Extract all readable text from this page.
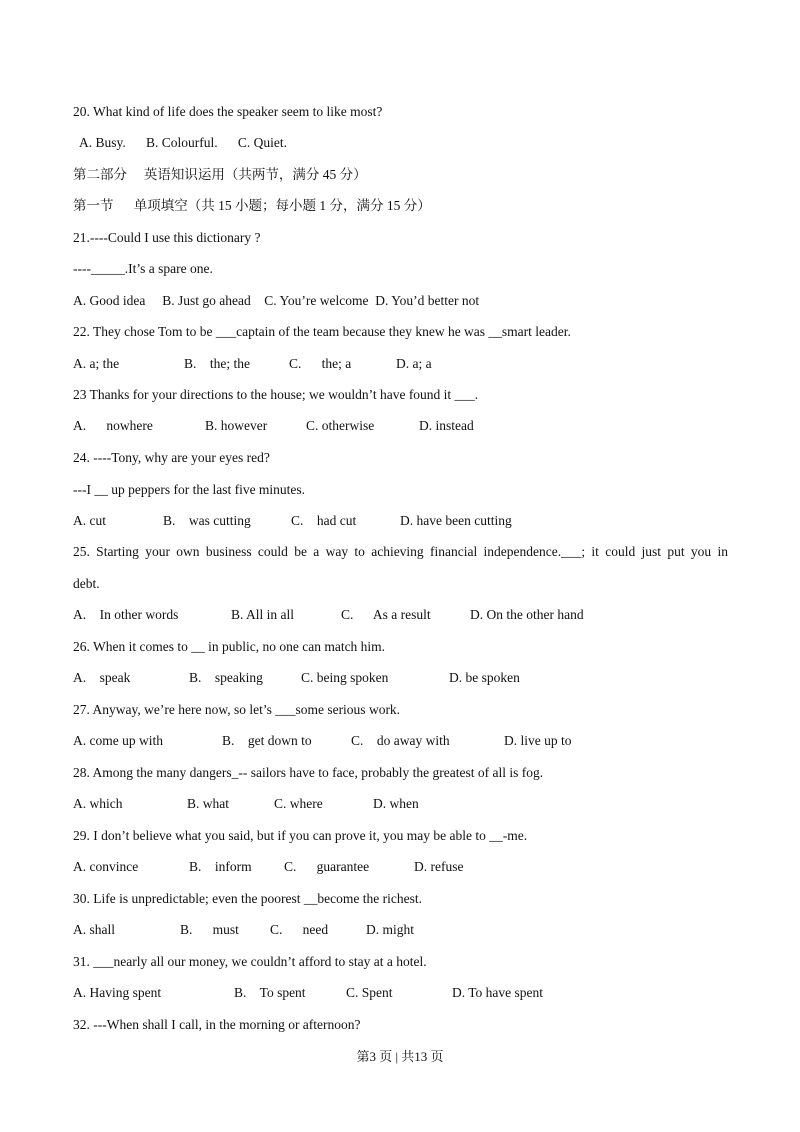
20. What kind of life does the speaker seem to like most?
A. Busy.      B. Colourful.      C. Quiet.
第二部分     英语知识运用（共两节，满分 45 分）
第一节      单项填空（共 15 小题；每小题 1 分，满分 15 分）
21.----Could I use this dictionary ?
----_____.It’s a spare one.
A. Good idea     B. Just go ahead    C. You’re welcome  D. You’d better not
22. They chose Tom to be ___captain of the team because they knew he was __smart leader.
A. a; the	B.    the; the	C.      the; a	D. a; a
23 Thanks for your directions to the house; we wouldn’t have found it ___.
A.      nowhere	B. however	C. otherwise	D. instead
24. ----Tony, why are your eyes red?
---I __ up peppers for the last five minutes.
A. cut	B.    was cutting	C.    had cut	D. have been cutting
25. Starting your own business could be a way to achieving financial independence.___; it could just put you in
debt.
A.    In other words	B. All in all	C.      As a result	D. On the other hand
26. When it comes to __ in public, no one can match him.
A.    speak	B.    speaking	C. being spoken	D. be spoken
27. Anyway, we’re here now, so let’s ___some serious work.
A. come up with	B.    get down to	C.    do away with	D. live up to
28. Among the many dangers_-- sailors have to face, probably the greatest of all is fog.
A. which	B. what	C. where	D. when
29. I don’t believe what you said, but if you can prove it, you may be able to __-me.
A. convince	B.    inform C.      guarantee	D. refuse
30. Life is unpredictable; even the poorest __become the richest.
A. shall	B.      must C.      need	D. might
31. ___nearly all our money, we couldn’t afford to stay at a hotel.
A. Having spent	B.    To spent	C. Spent	D. To have spent
32. ---When shall I call, in the morning or afternoon?
第3 页 | 共13 页
